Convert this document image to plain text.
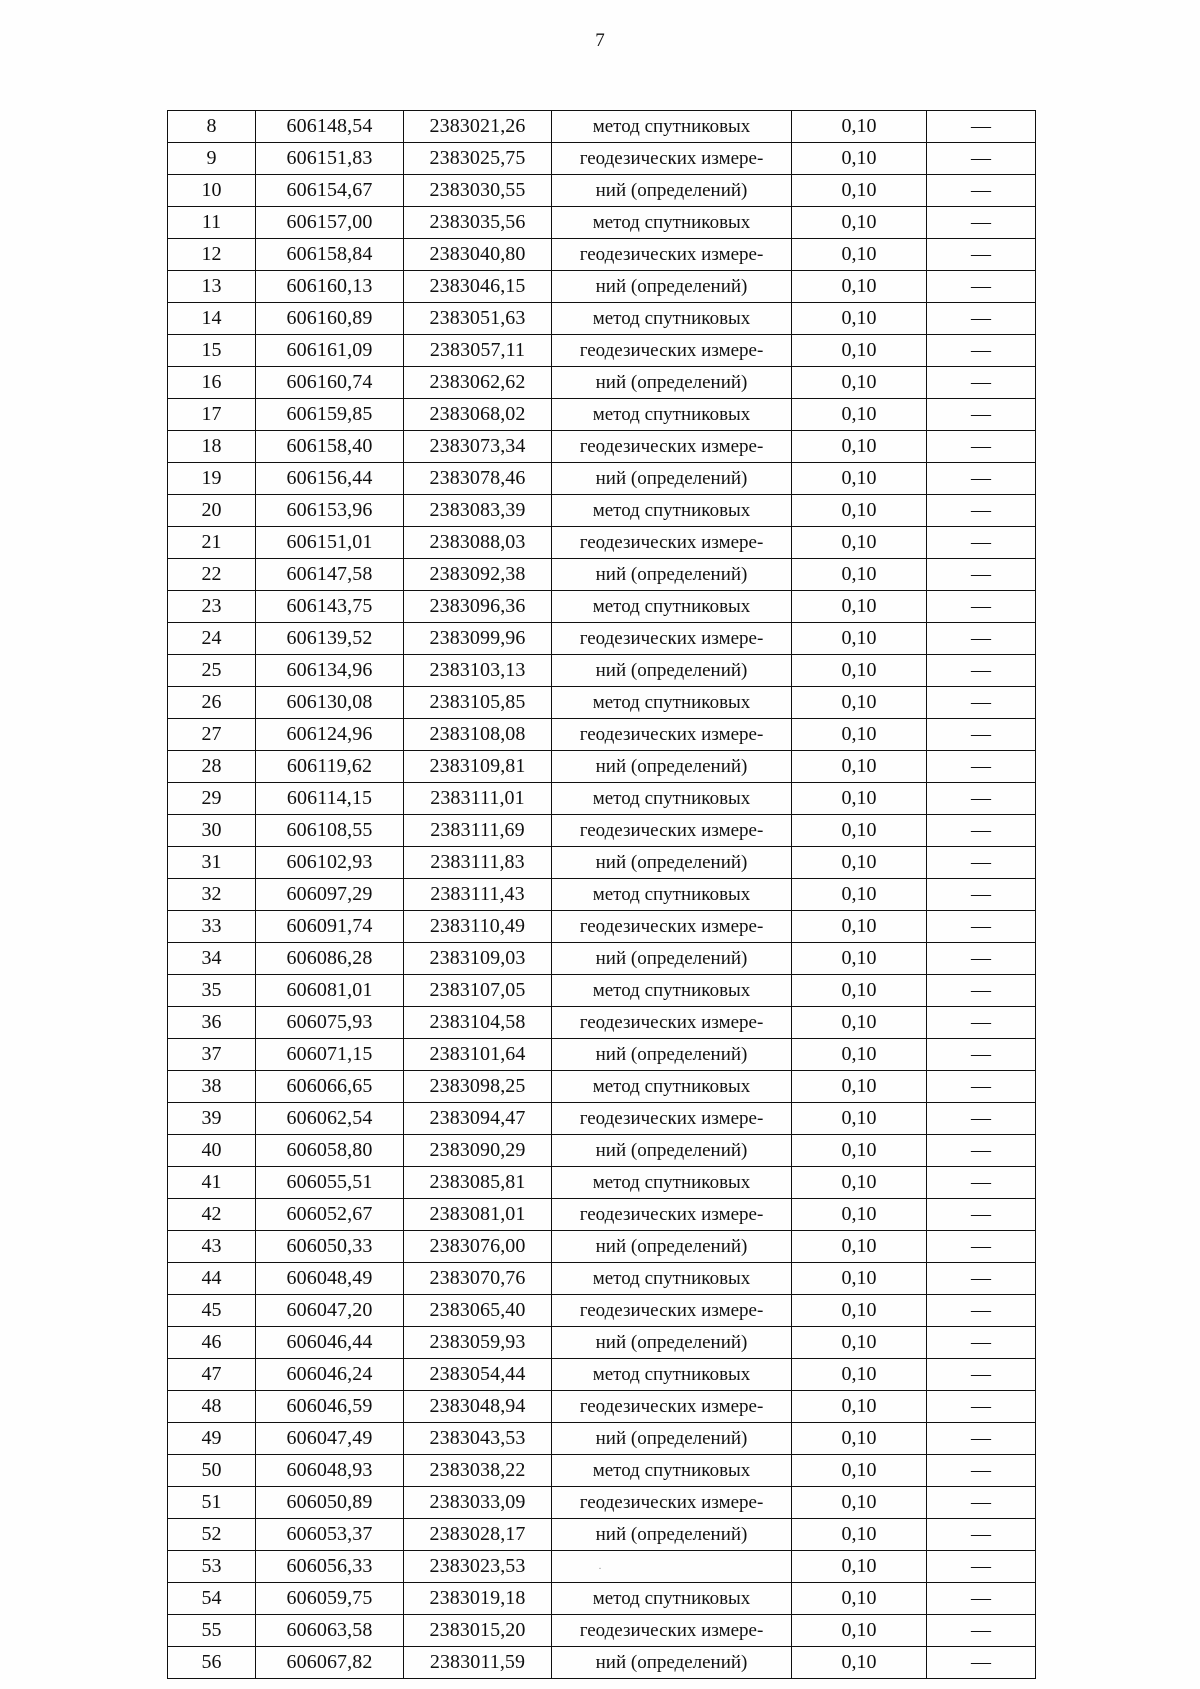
7
8	606148,54	2383021,26	метод спутниковых	0,10	—
9	606151,83	2383025,75	геодезических измере-	0,10	—
10	606154,67	2383030,55	ний (определений)	0,10	—
11	606157,00	2383035,56	метод спутниковых	0,10	—
12	606158,84	2383040,80	геодезических измере-	0,10	—
13	606160,13	2383046,15	ний (определений)	0,10	—
14	606160,89	2383051,63	метод спутниковых	0,10	—
15	606161,09	2383057,11	геодезических измере-	0,10	—
16	606160,74	2383062,62	ний (определений)	0,10	—
17	606159,85	2383068,02	метод спутниковых	0,10	—
18	606158,40	2383073,34	геодезических измере-	0,10	—
19	606156,44	2383078,46	ний (определений)	0,10	—
20	606153,96	2383083,39	метод спутниковых	0,10	—
21	606151,01	2383088,03	геодезических измере-	0,10	—
22	606147,58	2383092,38	ний (определений)	0,10	—
23	606143,75	2383096,36	метод спутниковых	0,10	—
24	606139,52	2383099,96	геодезических измере-	0,10	—
25	606134,96	2383103,13	ний (определений)	0,10	—
26	606130,08	2383105,85	метод спутниковых	0,10	—
27	606124,96	2383108,08	геодезических измере-	0,10	—
28	606119,62	2383109,81	ний (определений)	0,10	—
29	606114,15	2383111,01	метод спутниковых	0,10	—
30	606108,55	2383111,69	геодезических измере-	0,10	—
31	606102,93	2383111,83	ний (определений)	0,10	—
32	606097,29	2383111,43	метод спутниковых	0,10	—
33	606091,74	2383110,49	геодезических измере-	0,10	—
34	606086,28	2383109,03	ний (определений)	0,10	—
35	606081,01	2383107,05	метод спутниковых	0,10	—
36	606075,93	2383104,58	геодезических измере-	0,10	—
37	606071,15	2383101,64	ний (определений)	0,10	—
38	606066,65	2383098,25	метод спутниковых	0,10	—
39	606062,54	2383094,47	геодезических измере-	0,10	—
40	606058,80	2383090,29	ний (определений)	0,10	—
41	606055,51	2383085,81	метод спутниковых	0,10	—
42	606052,67	2383081,01	геодезических измере-	0,10	—
43	606050,33	2383076,00	ний (определений)	0,10	—
44	606048,49	2383070,76	метод спутниковых	0,10	—
45	606047,20	2383065,40	геодезических измере-	0,10	—
46	606046,44	2383059,93	ний (определений)	0,10	—
47	606046,24	2383054,44	метод спутниковых	0,10	—
48	606046,59	2383048,94	геодезических измере-	0,10	—
49	606047,49	2383043,53	ний (определений)	0,10	—
50	606048,93	2383038,22	метод спутниковых	0,10	—
51	606050,89	2383033,09	геодезических измере-	0,10	—
52	606053,37	2383028,17	ний (определений)	0,10	—
53	606056,33	2383023,53		0,10	—
54	606059,75	2383019,18	метод спутниковых	0,10	—
55	606063,58	2383015,20	геодезических измере-	0,10	—
56	606067,82	2383011,59	ний (определений)	0,10	—
.
